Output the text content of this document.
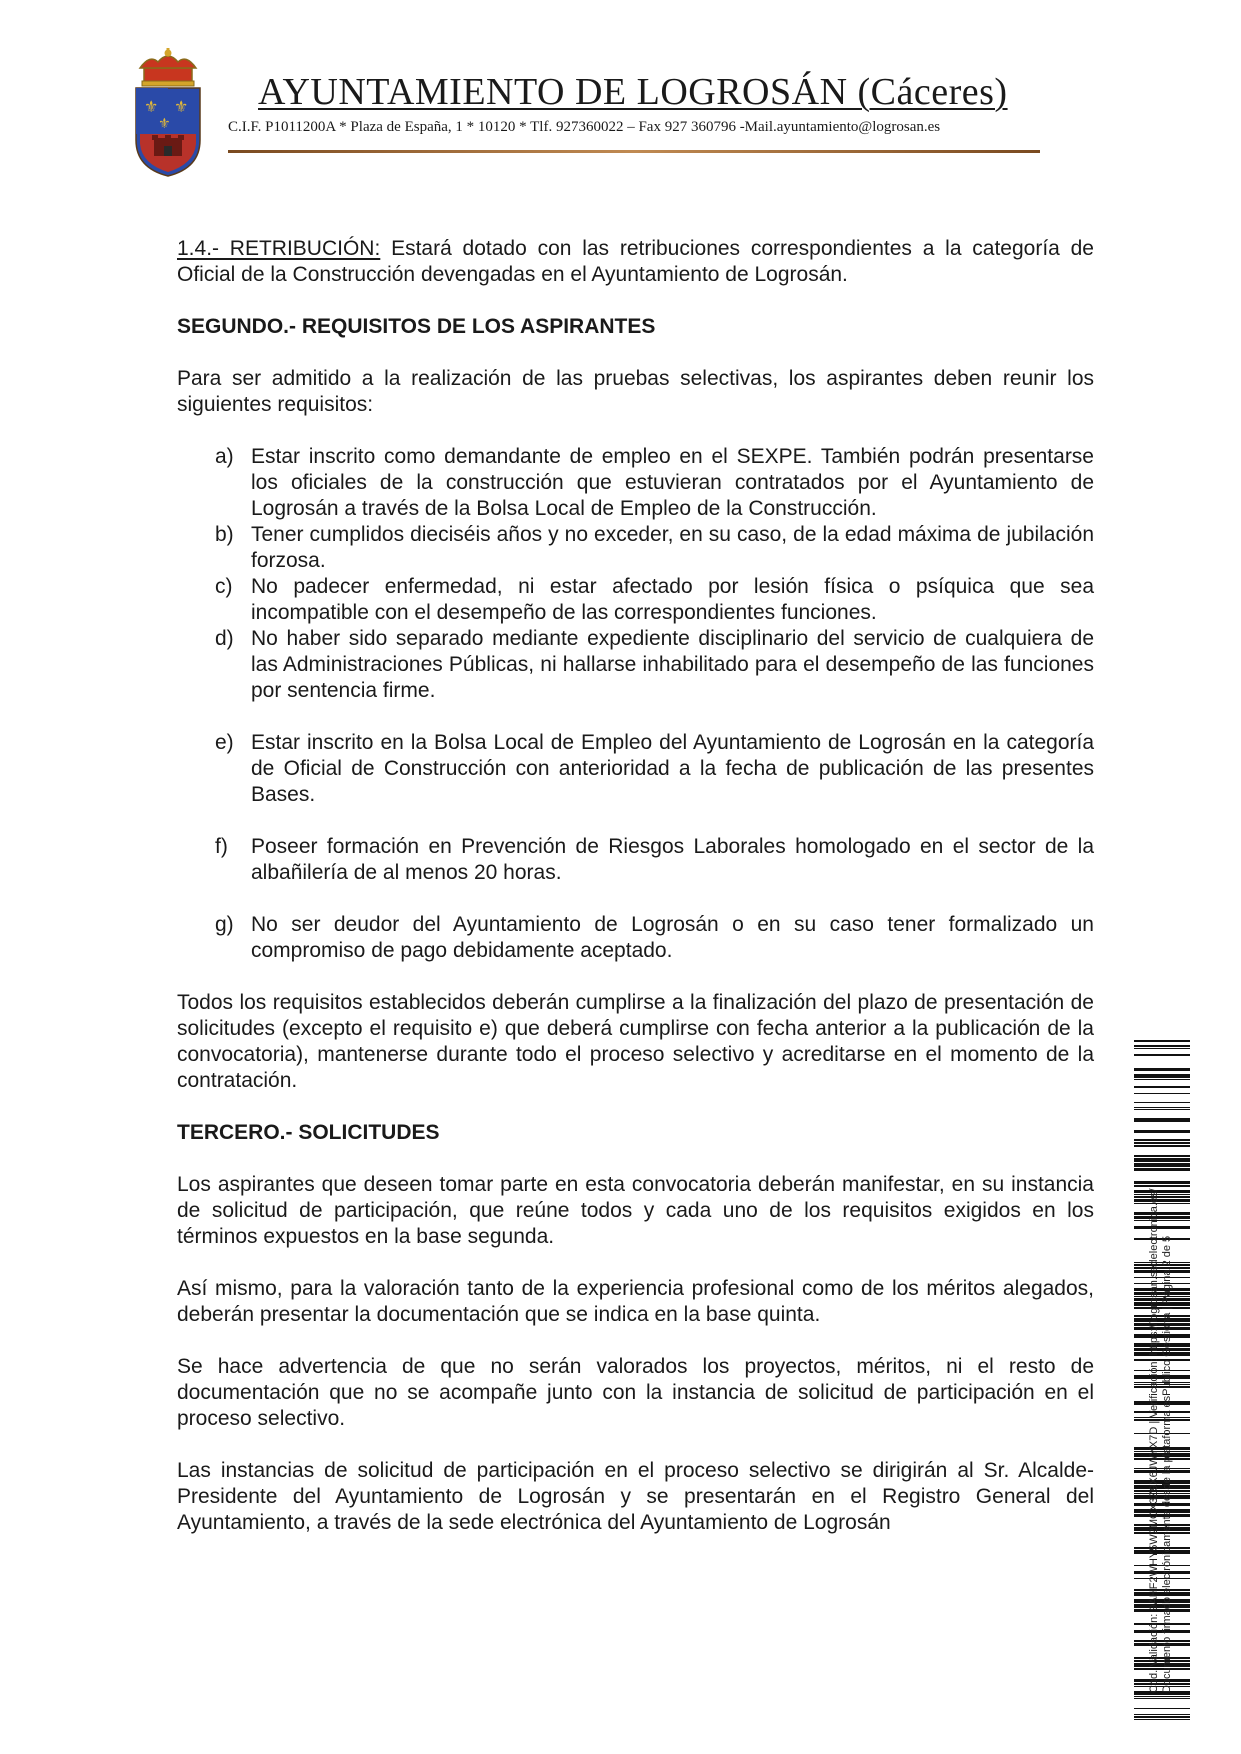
⚜ ⚜
⚜
AYUNTAMIENTO DE LOGROSÁN (Cáceres)
C.I.F. P1011200A * Plaza de España, 1 * 10120 * Tlf. 927360022 – Fax 927 360796 -Mail.ayuntamiento@logrosan.es

1.4.- RETRIBUCIÓN: Estará dotado con las retribuciones correspondientes a la categoría de Oficial de la Construcción devengadas en el Ayuntamiento de Logrosán.

SEGUNDO.- REQUISITOS DE LOS ASPIRANTES

Para ser admitido a la realización de las pruebas selectivas, los aspirantes deben reunir los siguientes requisitos:

a) Estar inscrito como demandante de empleo en el SEXPE. También podrán presentarse los oficiales de la construcción que estuvieran contratados por el Ayuntamiento de Logrosán a través de la Bolsa Local de Empleo de la Construcción.
b) Tener cumplidos dieciséis años y no exceder, en su caso, de la edad máxima de jubilación forzosa.
c) No padecer enfermedad, ni estar afectado por lesión física o psíquica que sea incompatible con el desempeño de las correspondientes funciones.
d) No haber sido separado mediante expediente disciplinario del servicio de cualquiera de las Administraciones Públicas, ni hallarse inhabilitado para el desempeño de las funciones por sentencia firme.
e) Estar inscrito en la Bolsa Local de Empleo del Ayuntamiento de Logrosán en la categoría de Oficial de Construcción con anterioridad a la fecha de publicación de las presentes Bases.
f) Poseer formación en Prevención de Riesgos Laborales homologado en el sector de la albañilería de al menos 20 horas.
g) No ser deudor del Ayuntamiento de Logrosán o en su caso tener formalizado un compromiso de pago debidamente aceptado.

Todos los requisitos establecidos deberán cumplirse a la finalización del plazo de presentación de solicitudes (excepto el requisito e) que deberá cumplirse con fecha anterior a la publicación de la convocatoria), mantenerse durante todo el proceso selectivo y acreditarse en el momento de la contratación.

TERCERO.- SOLICITUDES

Los aspirantes que deseen tomar parte en esta convocatoria deberán manifestar, en su instancia de solicitud de participación, que reúne todos y cada uno de los requisitos exigidos en los términos expuestos en la base segunda.

Así mismo, para la valoración tanto de la experiencia profesional como de los méritos alegados, deberán presentar la documentación que se indica en la base quinta.

Se hace advertencia de que no serán valorados los proyectos, méritos, ni el resto de documentación que no se acompañe junto con la instancia de solicitud de participación en el proceso selectivo.

Las instancias de solicitud de participación en el proceso selectivo se dirigirán al Sr. Alcalde-Presidente del Ayuntamiento de Logrosán y se presentarán en el Registro General del Ayuntamiento, a través de la sede electrónica del Ayuntamiento de Logrosán	Cód. Validación: 9AHF2WHY5W2MCX3Z9X6JWYX7D | Verificación: https://logrosan.sedelectronica.es/ Documento firmado electrónicamente desde la plataforma esPublico Gestiona | Página 2 de 5
